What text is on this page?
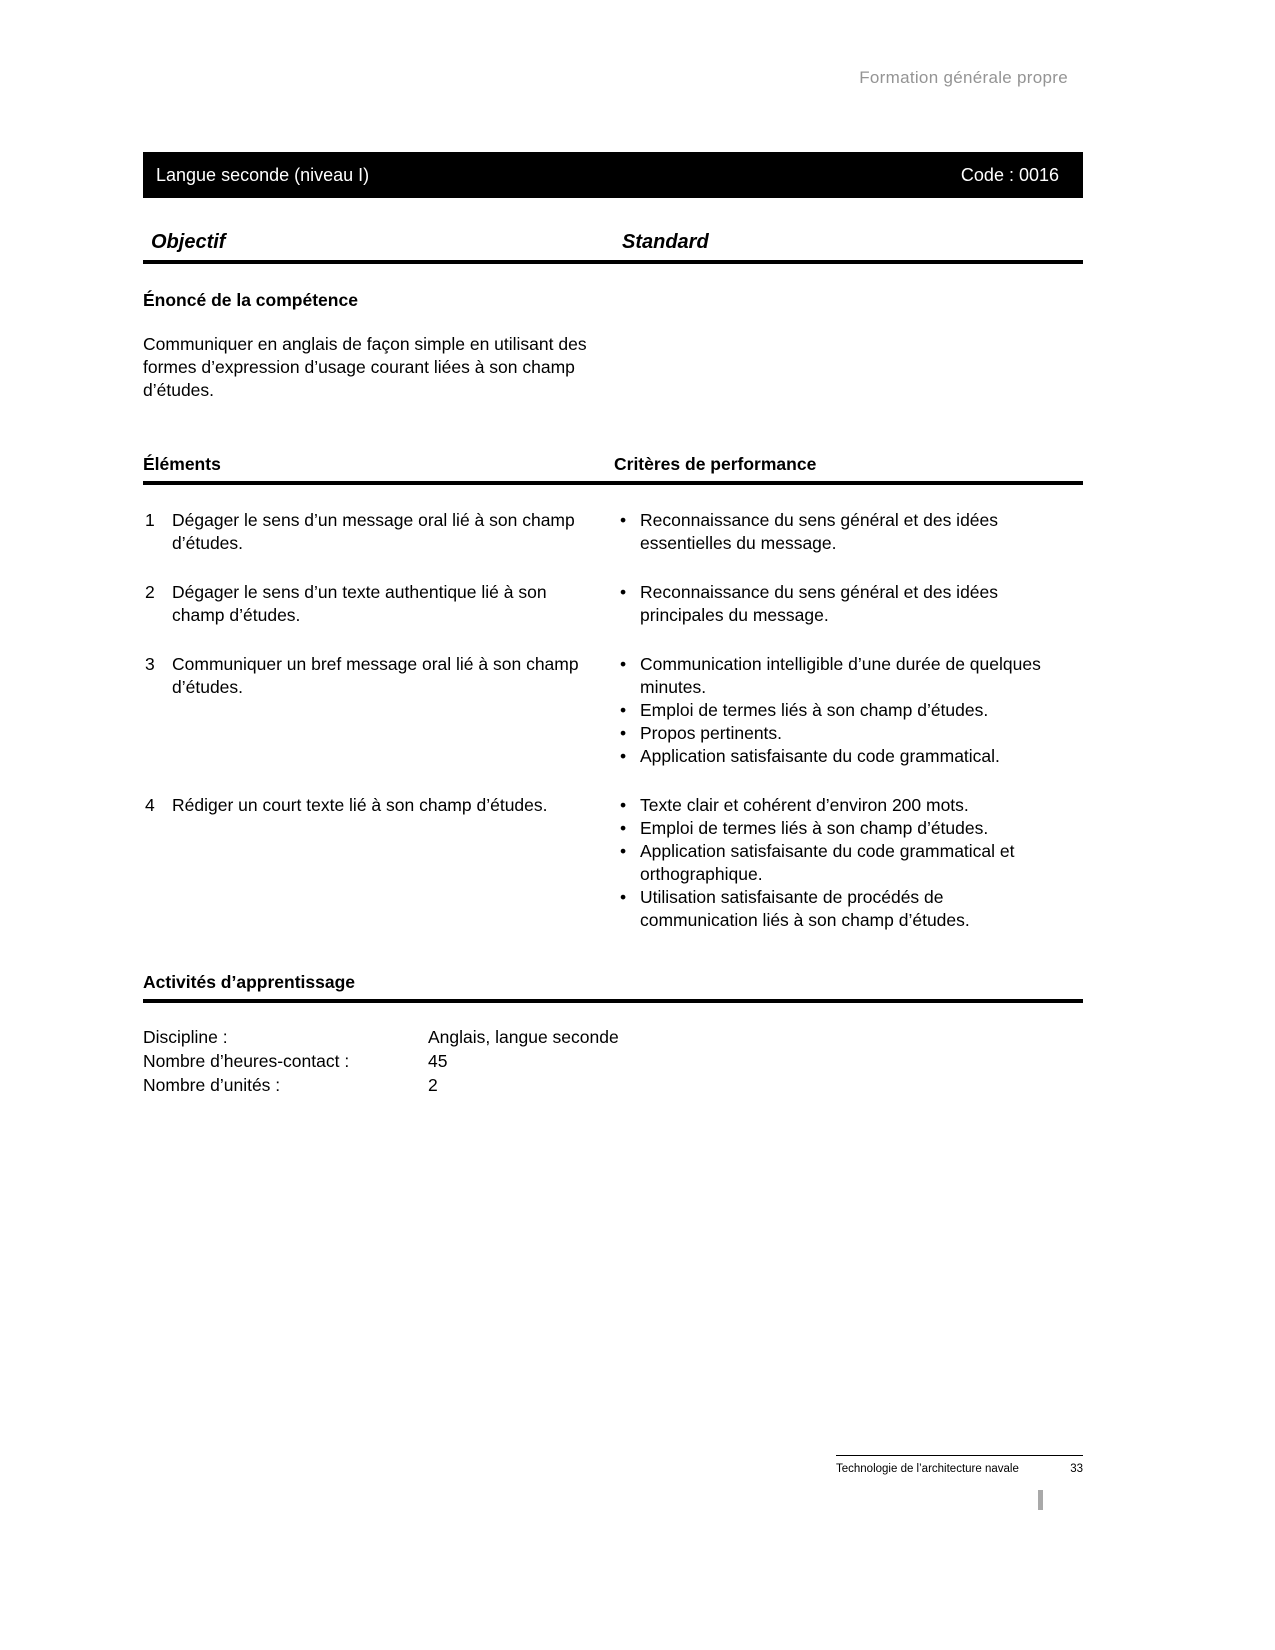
Formation générale propre
Langue seconde (niveau I)	Code : 0016
Objectif	Standard
Énoncé de la compétence

Communiquer en anglais de façon simple en utilisant des formes d’expression d’usage courant liées à son champ d’études.

Éléments	Critères de performance
1 Dégager le sens d’un message oral lié à son champ d’études.
• Reconnaissance du sens général et des idées essentielles du message.
2 Dégager le sens d’un texte authentique lié à son champ d’études.
• Reconnaissance du sens général et des idées principales du message.
3 Communiquer un bref message oral lié à son champ d’études.
• Communication intelligible d’une durée de quelques minutes.
• Emploi de termes liés à son champ d’études.
• Propos pertinents.
• Application satisfaisante du code grammatical.
4 Rédiger un court texte lié à son champ d’études.	• Texte clair et cohérent d’environ 200 mots.
• Emploi de termes liés à son champ d’études.
• Application satisfaisante du code grammatical et orthographique.
• Utilisation satisfaisante de procédés de communication liés à son champ d’études.
Activités d’apprentissage
Discipline :	Anglais, langue seconde
Nombre d’heures-contact :	45
Nombre d’unités :	2
Technologie de l’architecture navale	33
